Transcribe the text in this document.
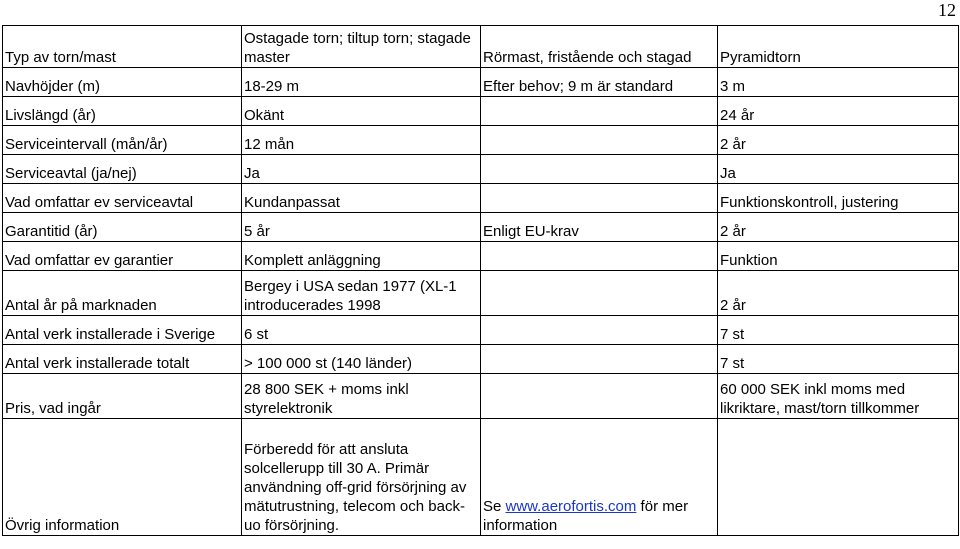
12
Typ av torn/mast	Ostagade torn; tiltup torn; stagade master	Rörmast, fristående och stagad	Pyramidtorn
Navhöjder (m)	18-29 m	Efter behov; 9 m är standard	3 m
Livslängd (år)	Okänt		24 år
Serviceintervall (mån/år)	12 mån		2 år
Serviceavtal (ja/nej)	Ja		Ja
Vad omfattar ev serviceavtal	Kundanpassat		Funktionskontroll, justering
Garantitid (år)	5 år	Enligt EU-krav	2 år
Vad omfattar ev garantier	Komplett anläggning		Funktion
Antal år på marknaden	Bergey i USA sedan 1977 (XL-1 introducerades 1998		2 år
Antal verk installerade i Sverige	6 st		7 st
Antal verk installerade totalt	> 100 000 st (140 länder)		7 st
Pris, vad ingår	28 800 SEK + moms inkl styrelektronik		60 000 SEK inkl moms med likriktare, mast/torn tillkommer
Övrig information	Förberedd för att ansluta solcellerupp till 30 A. Primär användning off-grid försörjning av mätutrustning, telecom och back-uo försörjning.	Se www.aerofortis.com för mer information	
